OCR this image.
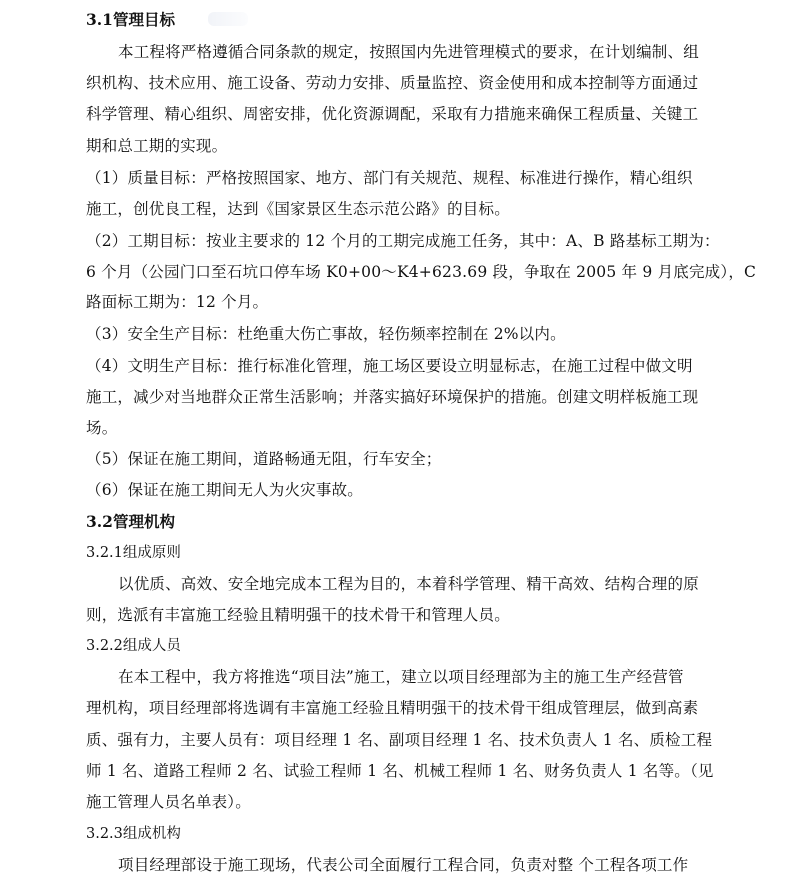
3.1管理目标
本工程将严格遵循合同条款的规定，按照国内先进管理模式的要求，在计划编制、组
织机构、技术应用、施工设备、劳动力安排、质量监控、资金使用和成本控制等方面通过
科学管理、精心组织、周密安排，优化资源调配，采取有力措施来确保工程质量、关键工
期和总工期的实现。
（1）质量目标：严格按照国家、地方、部门有关规范、规程、标准进行操作，精心组织
施工，创优良工程，达到《国家景区生态示范公路》的目标。
（2）工期目标：按业主要求的 12 个月的工期完成施工任务，其中：A、B 路基标工期为：
6 个月（公园门口至石坑口停车场 K0+00～K4+623.69 段，争取在 2005 年 9 月底完成），C
路面标工期为：12 个月。
（3）安全生产目标：杜绝重大伤亡事故，轻伤频率控制在 2%以内。
（4）文明生产目标：推行标准化管理，施工场区要设立明显标志，在施工过程中做文明
施工，减少对当地群众正常生活影响；并落实搞好环境保护的措施。创建文明样板施工现
场。
（5）保证在施工期间，道路畅通无阻，行车安全；
（6）保证在施工期间无人为火灾事故。
3.2管理机构
3.2.1组成原则
以优质、高效、安全地完成本工程为目的，本着科学管理、精干高效、结构合理的原
则，选派有丰富施工经验且精明强干的技术骨干和管理人员。
3.2.2组成人员
在本工程中，我方将推选“项目法”施工，建立以项目经理部为主的施工生产经营管
理机构，项目经理部将选调有丰富施工经验且精明强干的技术骨干组成管理层，做到高素
质、强有力，主要人员有：项目经理 1 名、副项目经理 1 名、技术负责人 1 名、质检工程
师 1 名、道路工程师 2 名、试验工程师 1 名、机械工程师 1 名、财务负责人 1 名等。（见
施工管理人员名单表）。
3.2.3组成机构
项目经理部设于施工现场，代表公司全面履行工程合同，负责对整 个工程各项工作
